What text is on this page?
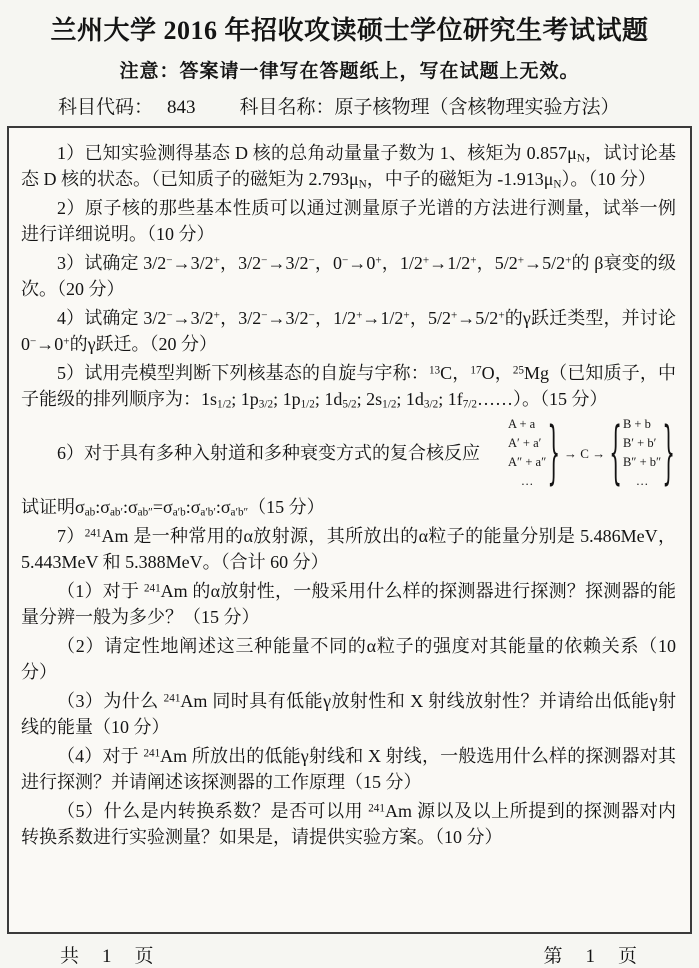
兰州大学 2016 年招收攻读硕士学位研究生考试试题
注意：答案请一律写在答题纸上，写在试题上无效。
科目代码： 843 科目名称： 原子核物理（含核物理实验方法）
1）已知实验测得基态 D 核的总角动量量子数为 1、核矩为 $0.857\mu_N$，试讨论基态 D 核的状态。（已知质子的磁矩为 $2.793\mu_N$，中子的磁矩为 $-1.913\mu_N$）。（10 分）
2）原子核的那些基本性质可以通过测量原子光谱的方法进行测量，试举一例进行详细说明。（10 分）
3）试确定 3/2−→3/2+，3/2−→3/2−，0−→0+，1/2+→1/2+，5/2+→5/2+的 β衰变的级次。（20 分）
4）试确定 3/2−→3/2+，3/2−→3/2−，1/2+→1/2+，5/2+→5/2+的γ跃迁类型，并讨论 0−→0+的γ跃迁。（20 分）
5）试用壳模型判断下列核基态的自旋与宇称：$^{13}$C，$^{17}$O，$^{25}$Mg（已知质子，中子能级的排列顺序为：$1s_{1/2}$; $1p_{3/2}$; $1p_{1/2}$; $1d_{5/2}$; $2s_{1/2}$; $1d_{3/2}$; $1f_{7/2}\dots\dots$）。（15 分）
6）对于具有多种入射道和多种衰变方式的复合核反应
A + a
A′ + a′
A″ + a″
… } → C → { B + b
B′ + b′
B″ + b″
… }
试证明$\sigma_{ab}:\sigma_{ab'}:\sigma_{ab''}=\sigma_{a'b}:\sigma_{a'b'}:\sigma_{a'b''}(15$ 分）
7）$^{241}$Am 是一种常用的α放射源，其所放出的α粒子的能量分别是 5.486MeV，5.443MeV 和 5.388MeV。（合计 60 分）
（1）对于 $^{241}$Am 的α放射性，一般采用什么样的探测器进行探测？探测器的能量分辨一般为多少？（15 分）
（2）请定性地阐述这三种能量不同的α粒子的强度对其能量的依赖关系（10 分）
（3）为什么 $^{241}$Am 同时具有低能γ放射性和 X 射线放射性？并请给出低能γ射线的能量（10 分）
（4）对于 $^{241}$Am 所放出的低能γ射线和 X 射线，一般选用什么样的探测器对其进行探测？并请阐述该探测器的工作原理（15 分）
（5）什么是内转换系数？是否可以用 $^{241}$Am 源以及以上所提到的探测器对内转换系数进行实验测量？如果是，请提供实验方案。（10 分）
共　1　页	第　1　页
